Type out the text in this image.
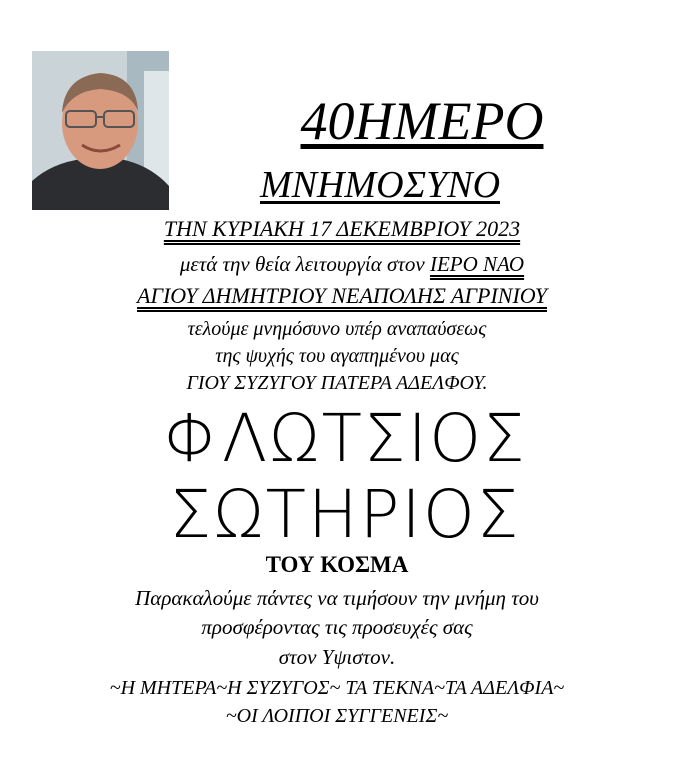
40ΗΜΕΡΟ
ΜΝΗΜΟΣΥΝΟ
ΤΗΝ ΚΥΡΙΑΚΗ 17 ΔΕΚΕΜΒΡΙΟΥ 2023
μετά την θεία λειτουργία στον ΙΕΡΟ ΝΑΟ
ΑΓΙΟΥ ΔΗΜΗΤΡΙΟΥ ΝΕΑΠΟΛΗΣ ΑΓΡΙΝΙΟΥ
τελούμε μνημόσυνο υπέρ αναπαύσεως
της ψυχής του αγαπημένου μας
ΓΙΟΥ ΣΥΖΥΓΟΥ ΠΑΤΕΡΑ ΑΔΕΛΦΟΥ.
ΦΛΩΤΣΙΟΣ
ΣΩΤΗΡΙΟΣ
ΤΟΥ ΚΟΣΜΑ
Παρακαλούμε πάντες να τιμήσουν την μνήμη του
προσφέροντας τις προσευχές σας
στον Υψιστον.
~Η ΜΗΤΕΡΑ~Η ΣΥΖΥΓΟΣ~ ΤΑ ΤΕΚΝΑ~ΤΑ ΑΔΕΛΦΙΑ~
~ΟΙ ΛΟΙΠΟΙ ΣΥΓΓΕΝΕΙΣ~
